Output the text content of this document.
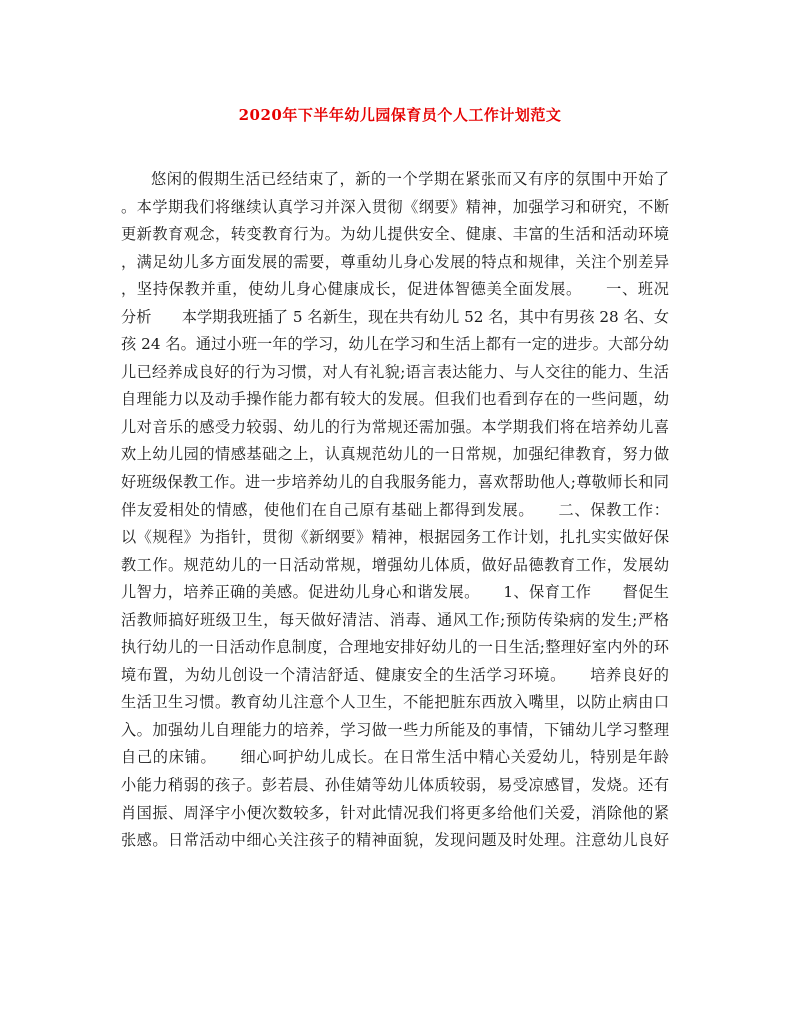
2020年下半年幼儿园保育员个人工作计划范文
悠闲的假期生活已经结束了，新的一个学期在紧张而又有序的氛围中开始了
。本学期我们将继续认真学习并深入贯彻《纲要》精神，加强学习和研究，不断
更新教育观念，转变教育行为。为幼儿提供安全、健康、丰富的生活和活动环境
，满足幼儿多方面发展的需要，尊重幼儿身心发展的特点和规律，关注个别差异
，坚持保教并重，使幼儿身心健康成长，促进体智德美全面发展。　　一、班况
分析　　本学期我班插了 5 名新生，现在共有幼儿 52 名，其中有男孩 28 名、女
孩 24 名。通过小班一年的学习，幼儿在学习和生活上都有一定的进步。大部分幼
儿已经养成良好的行为习惯，对人有礼貌;语言表达能力、与人交往的能力、生活
自理能力以及动手操作能力都有较大的发展。但我们也看到存在的一些问题，幼
儿对音乐的感受力较弱、幼儿的行为常规还需加强。本学期我们将在培养幼儿喜
欢上幼儿园的情感基础之上，认真规范幼儿的一日常规，加强纪律教育，努力做
好班级保教工作。进一步培养幼儿的自我服务能力，喜欢帮助他人;尊敬师长和同
伴友爱相处的情感，使他们在自己原有基础上都得到发展。　　二、保教工作：
以《规程》为指针，贯彻《新纲要》精神，根据园务工作计划，扎扎实实做好保
教工作。规范幼儿的一日活动常规，增强幼儿体质，做好品德教育工作，发展幼
儿智力，培养正确的美感。促进幼儿身心和谐发展。　　1、保育工作　　督促生
活教师搞好班级卫生，每天做好清洁、消毒、通风工作;预防传染病的发生;严格
执行幼儿的一日活动作息制度，合理地安排好幼儿的一日生活;整理好室内外的环
境布置，为幼儿创设一个清洁舒适、健康安全的生活学习环境。　　培养良好的
生活卫生习惯。教育幼儿注意个人卫生，不能把脏东西放入嘴里，以防止病由口
入。加强幼儿自理能力的培养，学习做一些力所能及的事情，下铺幼儿学习整理
自己的床铺。　　细心呵护幼儿成长。在日常生活中精心关爱幼儿，特别是年龄
小能力稍弱的孩子。彭若晨、孙佳婧等幼儿体质较弱，易受凉感冒，发烧。还有
肖国振、周泽宇小便次数较多，针对此情况我们将更多给他们关爱，消除他的紧
张感。日常活动中细心关注孩子的精神面貌，发现问题及时处理。注意幼儿良好
